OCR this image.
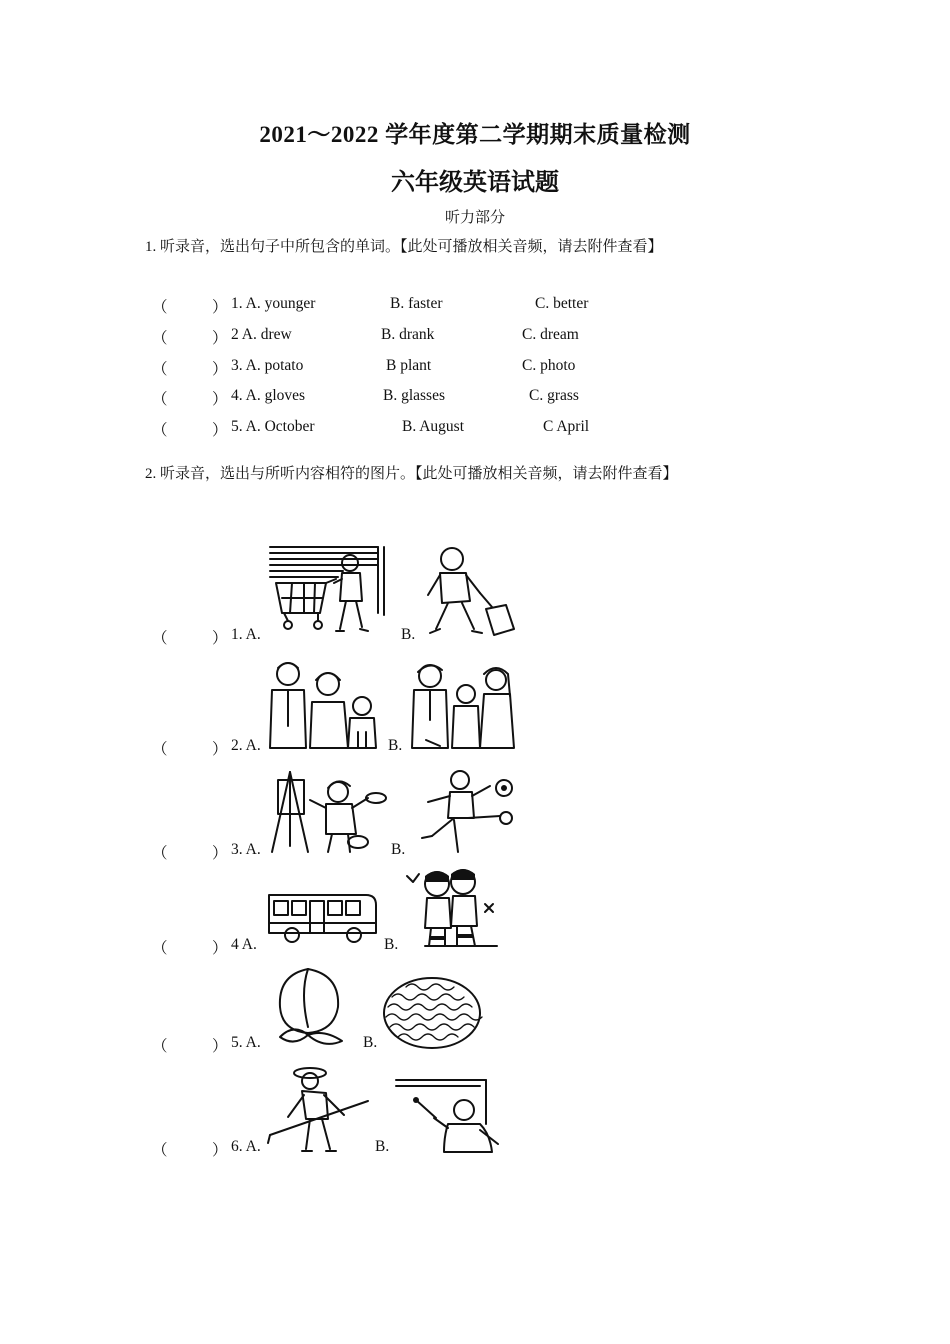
2021～2022 学年度第二学期期末质量检测
六年级英语试题
听力部分
1. 听录音，选出句子中所包含的单词。【此处可播放相关音频，请去附件查看】
（	） 1. A. younger	B. faster	C. better
（	） 2 A. drew	B. drank	C. dream
（	） 3. A. potato	B plant	C. photo
（	） 4. A. gloves	B. glasses	C. grass
（	） 5. A. October	B. August	C April
2. 听录音，选出与所听内容相符的图片。【此处可播放相关音频，请去附件查看】
（	） 1. A.	B.
（	） 2. A.	B.
（	） 3. A.	B.
（	） 4 A.	B.
（	） 5. A.	B.
（	） 6. A.	B.
